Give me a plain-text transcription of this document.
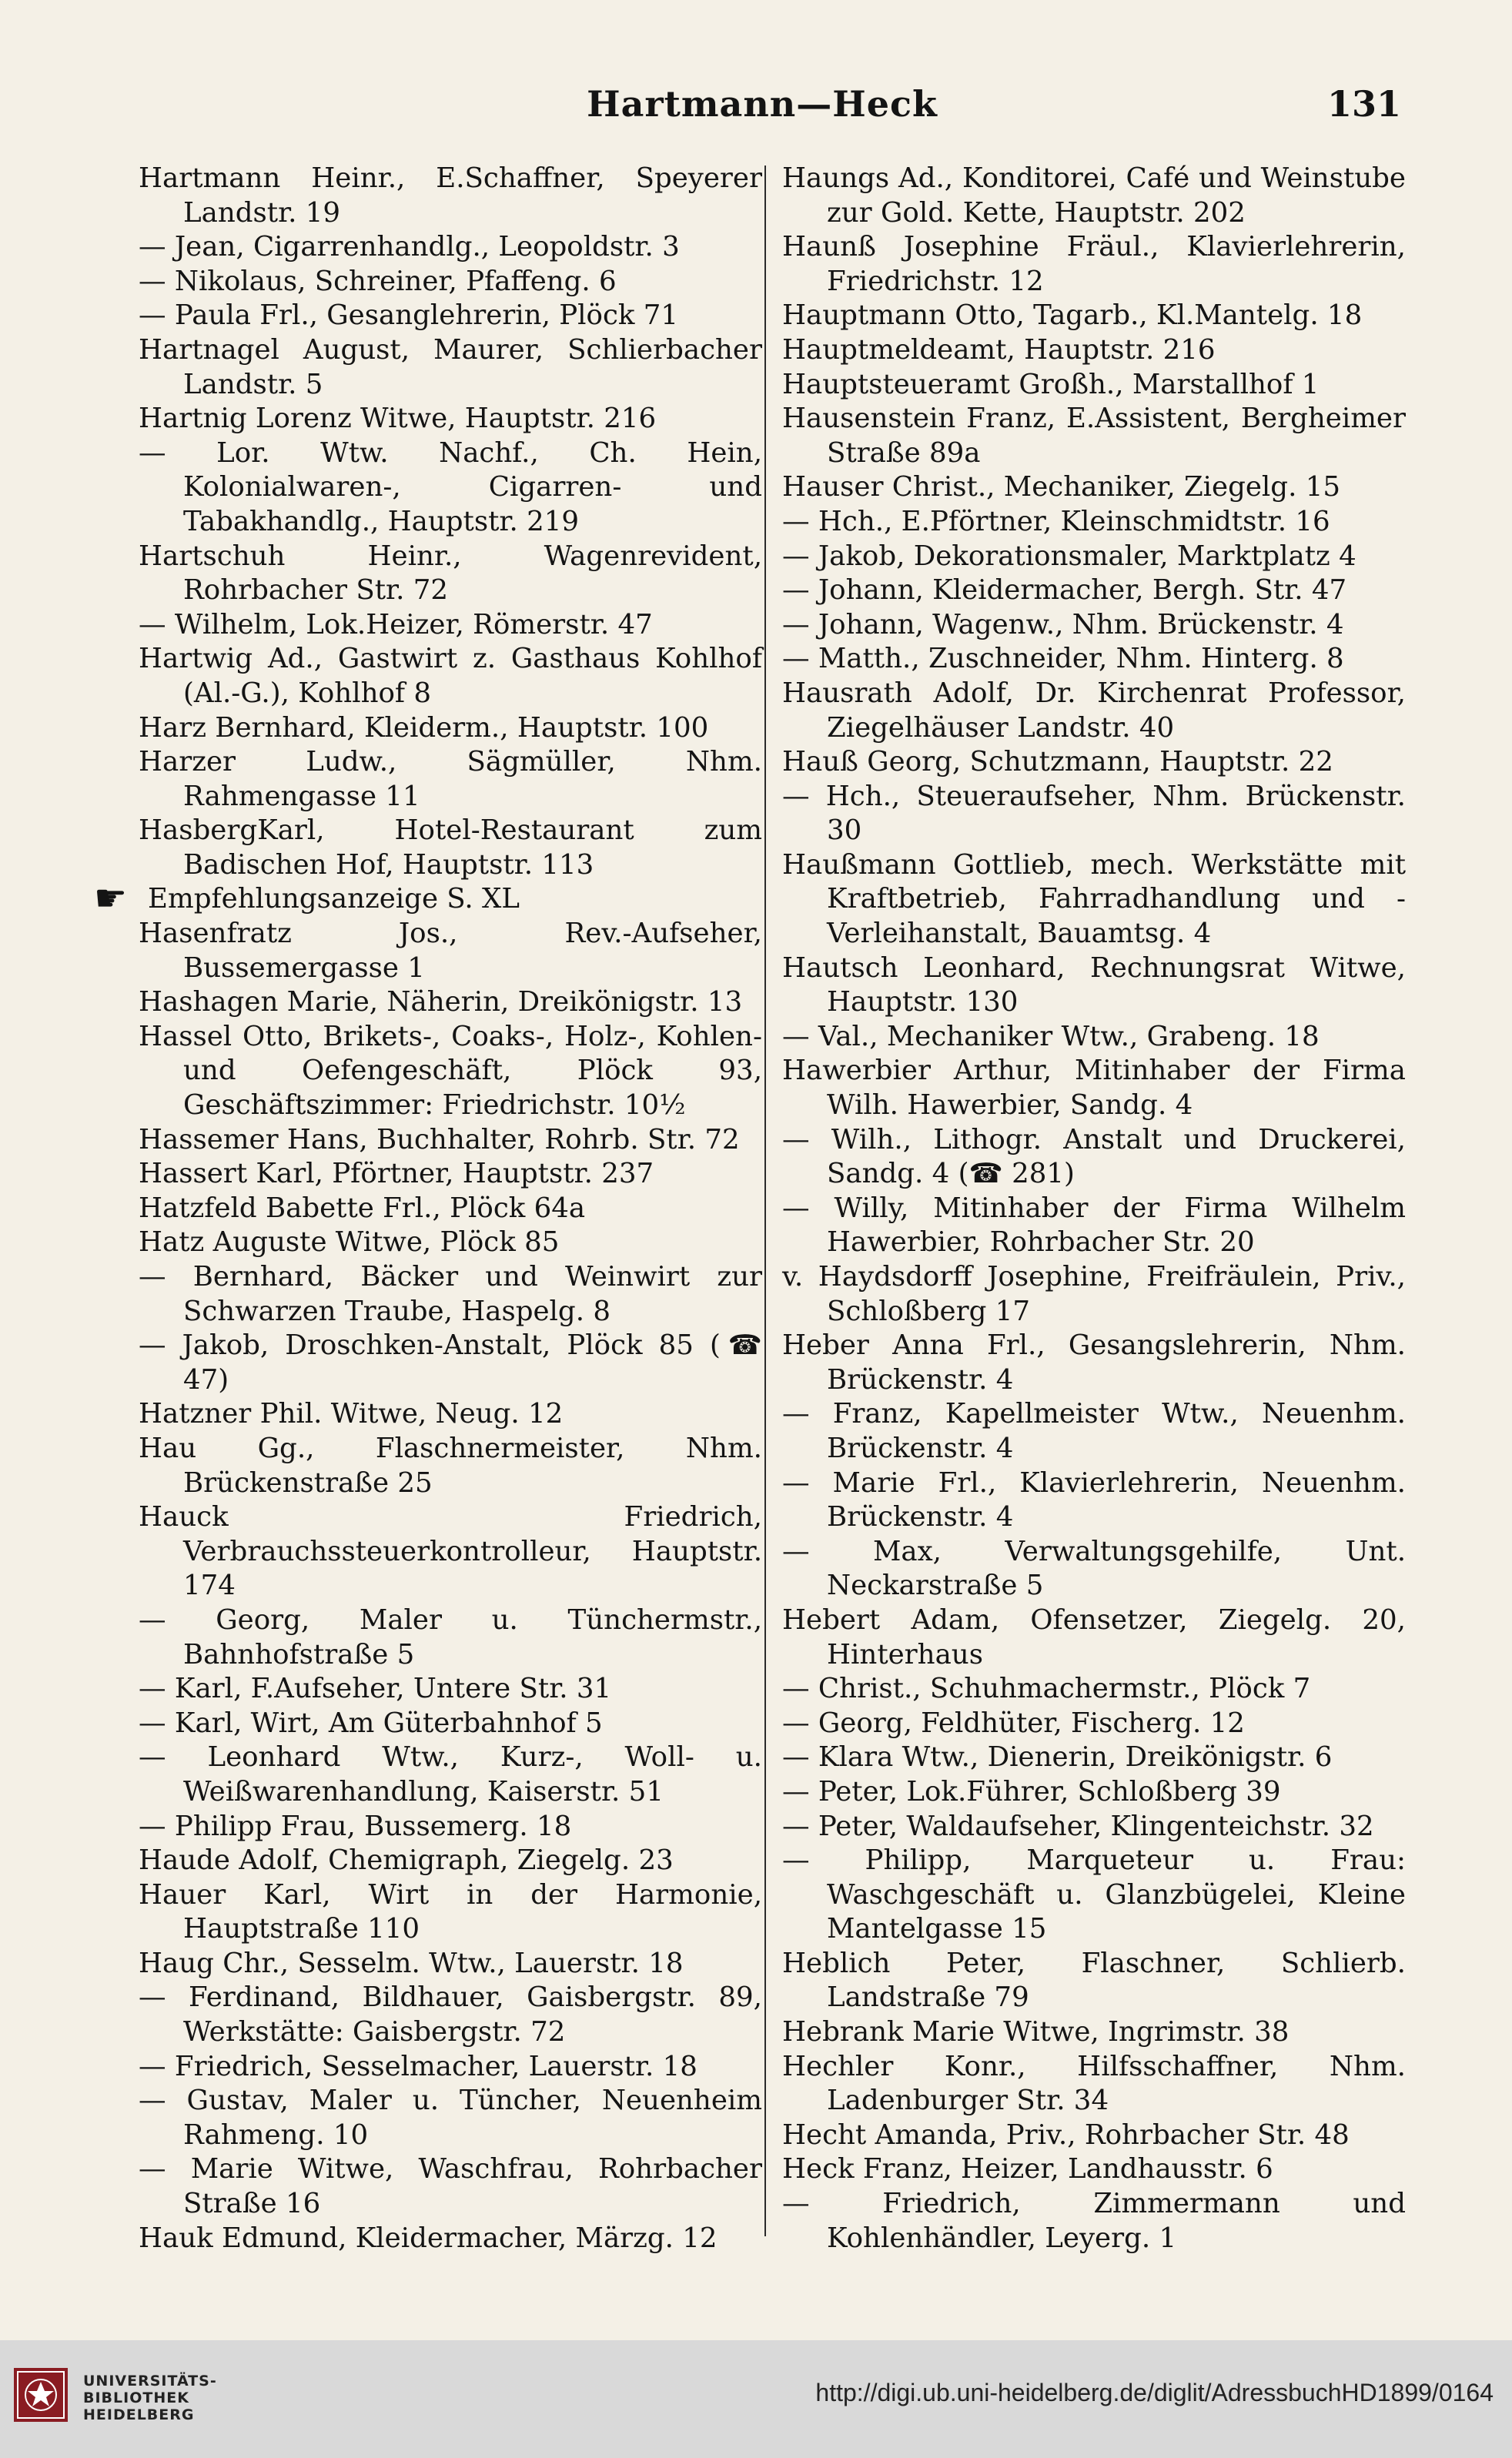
Hartmann—Heck	131
Hartmann Heinr., E.Schaffner, Speyerer Landstr. 19
— Jean, Cigarrenhandlg., Leopoldstr. 3
— Nikolaus, Schreiner, Pfaffeng. 6
— Paula Frl., Gesanglehrerin, Plöck 71
Hartnagel August, Maurer, Schlierbacher Landstr. 5
Hartnig Lorenz Witwe, Hauptstr. 216
— Lor. Wtw. Nachf., Ch. Hein, Kolonialwaren-, Cigarren- und Tabakhandlg., Hauptstr. 219
Hartschuh Heinr., Wagenrevident, Rohrbacher Str. 72
— Wilhelm, Lok.Heizer, Römerstr. 47
Hartwig Ad., Gastwirt z. Gasthaus Kohlhof (Al.-G.), Kohlhof 8
Harz Bernhard, Kleiderm., Hauptstr. 100
Harzer Ludw., Sägmüller, Nhm. Rahmengasse 11
HasbergKarl, Hotel-Restaurant zum Badischen Hof, Hauptstr. 113
☛ Empfehlungsanzeige S. XL
Hasenfratz Jos., Rev.-Aufseher, Bussemergasse 1
Hashagen Marie, Näherin, Dreikönigstr. 13
Hassel Otto, Brikets-, Coaks-, Holz-, Kohlen- und Oefengeschäft, Plöck 93, Geschäftszimmer: Friedrichstr. 10½
Hassemer Hans, Buchhalter, Rohrb. Str. 72
Hassert Karl, Pförtner, Hauptstr. 237
Hatzfeld Babette Frl., Plöck 64a
Hatz Auguste Witwe, Plöck 85
— Bernhard, Bäcker und Weinwirt zur Schwarzen Traube, Haspelg. 8
— Jakob, Droschken-Anstalt, Plöck 85 (☎ 47)
Hatzner Phil. Witwe, Neug. 12
Hau Gg., Flaschnermeister, Nhm. Brückenstraße 25
Hauck Friedrich, Verbrauchssteuerkontrolleur, Hauptstr. 174
— Georg, Maler u. Tünchermstr., Bahnhofstraße 5
— Karl, F.Aufseher, Untere Str. 31
— Karl, Wirt, Am Güterbahnhof 5
— Leonhard Wtw., Kurz-, Woll- u. Weißwarenhandlung, Kaiserstr. 51
— Philipp Frau, Bussemerg. 18
Haude Adolf, Chemigraph, Ziegelg. 23
Hauer Karl, Wirt in der Harmonie, Hauptstraße 110
Haug Chr., Sesselm. Wtw., Lauerstr. 18
— Ferdinand, Bildhauer, Gaisbergstr. 89, Werkstätte: Gaisbergstr. 72
— Friedrich, Sesselmacher, Lauerstr. 18
— Gustav, Maler u. Tüncher, Neuenheim Rahmeng. 10
— Marie Witwe, Waschfrau, Rohrbacher Straße 16
Hauk Edmund, Kleidermacher, Märzg. 12
Haungs Ad., Konditorei, Café und Weinstube zur Gold. Kette, Hauptstr. 202
Haunß Josephine Fräul., Klavierlehrerin, Friedrichstr. 12
Hauptmann Otto, Tagarb., Kl.Mantelg. 18
Hauptmeldeamt, Hauptstr. 216
Hauptsteueramt Großh., Marstallhof 1
Hausenstein Franz, E.Assistent, Bergheimer Straße 89a
Hauser Christ., Mechaniker, Ziegelg. 15
— Hch., E.Pförtner, Kleinschmidtstr. 16
— Jakob, Dekorationsmaler, Marktplatz 4
— Johann, Kleidermacher, Bergh. Str. 47
— Johann, Wagenw., Nhm. Brückenstr. 4
— Matth., Zuschneider, Nhm. Hinterg. 8
Hausrath Adolf, Dr. Kirchenrat Professor, Ziegelhäuser Landstr. 40
Hauß Georg, Schutzmann, Hauptstr. 22
— Hch., Steueraufseher, Nhm. Brückenstr. 30
Haußmann Gottlieb, mech. Werkstätte mit Kraftbetrieb, Fahrradhandlung und -Verleihanstalt, Bauamtsg. 4
Hautsch Leonhard, Rechnungsrat Witwe, Hauptstr. 130
— Val., Mechaniker Wtw., Grabeng. 18
Hawerbier Arthur, Mitinhaber der Firma Wilh. Hawerbier, Sandg. 4
— Wilh., Lithogr. Anstalt und Druckerei, Sandg. 4 (☎ 281)
— Willy, Mitinhaber der Firma Wilhelm Hawerbier, Rohrbacher Str. 20
v. Haydsdorff Josephine, Freifräulein, Priv., Schloßberg 17
Heber Anna Frl., Gesangslehrerin, Nhm. Brückenstr. 4
— Franz, Kapellmeister Wtw., Neuenhm. Brückenstr. 4
— Marie Frl., Klavierlehrerin, Neuenhm. Brückenstr. 4
— Max, Verwaltungsgehilfe, Unt. Neckarstraße 5
Hebert Adam, Ofensetzer, Ziegelg. 20, Hinterhaus
— Christ., Schuhmachermstr., Plöck 7
— Georg, Feldhüter, Fischerg. 12
— Klara Wtw., Dienerin, Dreikönigstr. 6
— Peter, Lok.Führer, Schloßberg 39
— Peter, Waldaufseher, Klingenteichstr. 32
— Philipp, Marqueteur u. Frau: Waschgeschäft u. Glanzbügelei, Kleine Mantelgasse 15
Heblich Peter, Flaschner, Schlierb. Landstraße 79
Hebrank Marie Witwe, Ingrimstr. 38
Hechler Konr., Hilfsschaffner, Nhm. Ladenburger Str. 34
Hecht Amanda, Priv., Rohrbacher Str. 48
Heck Franz, Heizer, Landhausstr. 6
— Friedrich, Zimmermann und Kohlenhändler, Leyerg. 1
UNIVERSITÄTS-
BIBLIOTHEK
HEIDELBERG
http://digi.ub.uni-heidelberg.de/diglit/AdressbuchHD1899/0164
